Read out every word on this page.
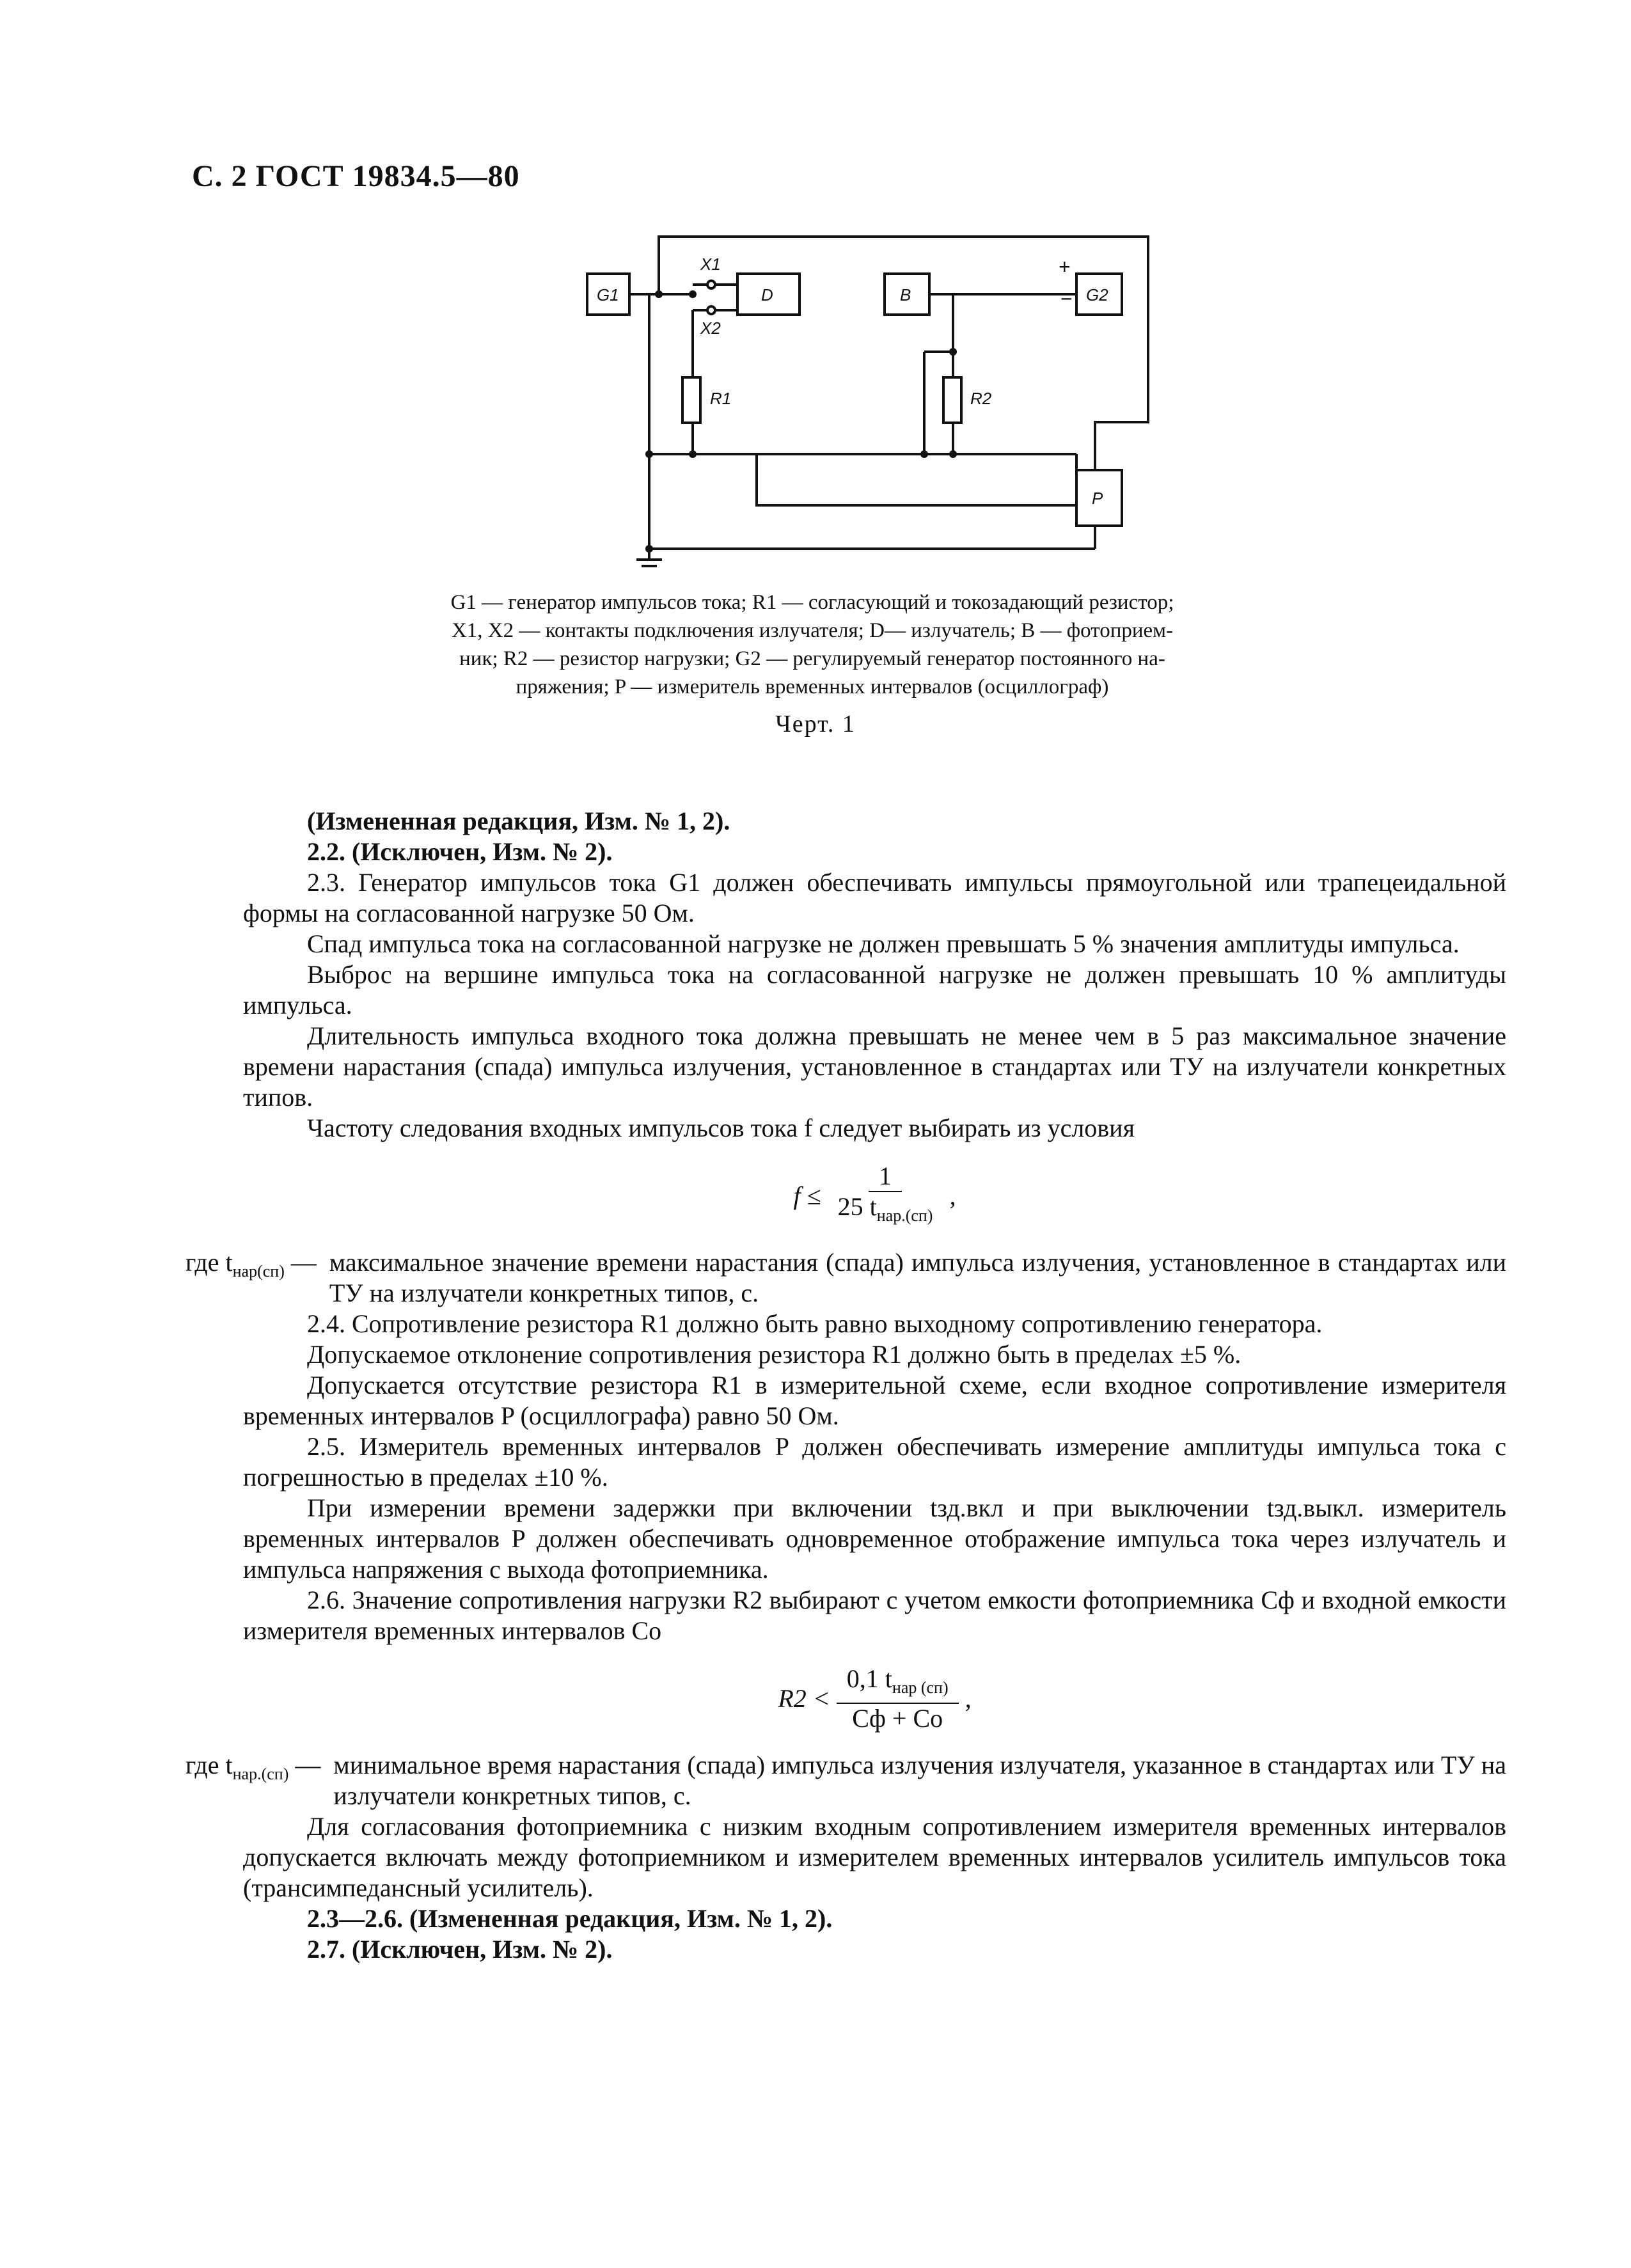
С. 2 ГОСТ 19834.5—80
G1	D	B	G2
P
X1
X2
R1	R2
+
−
G1 — генератор импульсов тока; R1 — согласующий и токозадающий резистор;
X1, X2 — контакты подключения излучателя; D— излучатель; B — фотоприем-
ник; R2 — резистор нагрузки; G2 — регулируемый генератор постоянного на-
пряжения; P — измеритель временных интервалов (осциллограф)
Черт. 1

(Измененная редакция, Изм. № 1, 2).

2.2. (Исключен, Изм. № 2).

2.3. Генератор импульсов тока G1 должен обеспечивать импульсы прямоугольной или трапецеидальной формы на согласованной нагрузке 50 Ом.

Спад импульса тока на согласованной нагрузке не должен превышать 5 % значения амплитуды импульса.

Выброс на вершине импульса тока на согласованной нагрузке не должен превышать 10 % амплитуды импульса.

Длительность импульса входного тока должна превышать не менее чем в 5 раз максимальное значение времени нарастания (спада) импульса излучения, установленное в стандартах или ТУ на излучатели конкретных типов.

Частоту следования входных импульсов тока f следует выбирать из условия

$f \le \frac{1}{25 t_{нар.(сп)}}$ ,
где $t_{нар(сп)}$ — максимальное значение времени нарастания (спада) импульса излучения, установленное в стандартах или ТУ на излучатели конкретных типов, с.

2.4. Сопротивление резистора R1 должно быть равно выходному сопротивлению генератора.

Допускаемое отклонение сопротивления резистора R1 должно быть в пределах ±5 %.

Допускается отсутствие резистора R1 в измерительной схеме, если входное сопротивление измерителя временных интервалов P (осциллографа) равно 50 Ом.

2.5. Измеритель временных интервалов P должен обеспечивать измерение амплитуды импульса тока с погрешностью в пределах ±10 %.

При измерении времени задержки при включении tзд.вкл и при выключении tзд.выкл. измеритель временных интервалов P должен обеспечивать одновременное отображение импульса тока через излучатель и импульса напряжения с выхода фотоприемника.

2.6. Значение сопротивления нагрузки R2 выбирают с учетом емкости фотоприемника Cф и входной емкости измерителя временных интервалов Cо

$R2 < \frac{0,1 t_{нар (сп)}}{Cф + Cо}$ ,
где $t_{нар.(сп)}$ — минимальное время нарастания (спада) импульса излучения излучателя, указанное в стандартах или ТУ на излучатели конкретных типов, с.

Для согласования фотоприемника с низким входным сопротивлением измерителя временных интервалов допускается включать между фотоприемником и измерителем временных интервалов усилитель импульсов тока (трансимпедансный усилитель).

2.3—2.6. (Измененная редакция, Изм. № 1, 2).

2.7. (Исключен, Изм. № 2).
